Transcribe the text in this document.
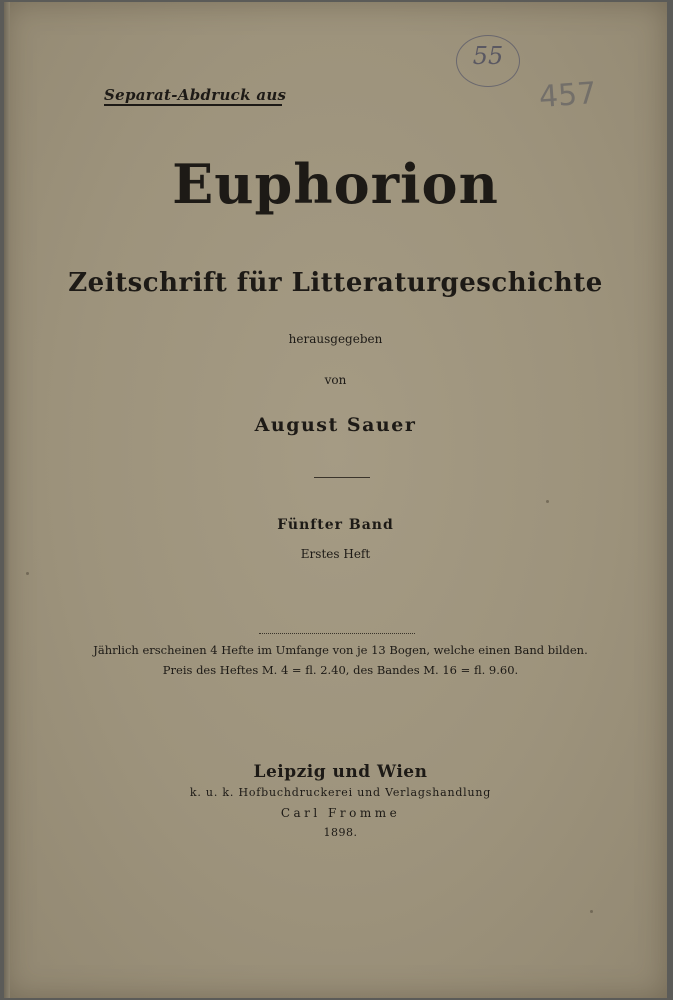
Separat-Abdruck aus
55
457
Euphorion
Zeitschrift für Litteraturgeschichte
herausgegeben
von
August Sauer
Fünfter Band
Erstes Heft
Jährlich erscheinen 4 Hefte im Umfange von je 13 Bogen, welche einen Band bilden.
Preis des Heftes M. 4 = fl. 2.40, des Bandes M. 16 = fl. 9.60.
Leipzig und Wien
k. u. k. Hofbuchdruckerei und Verlagshandlung
Carl Fromme
1898.
